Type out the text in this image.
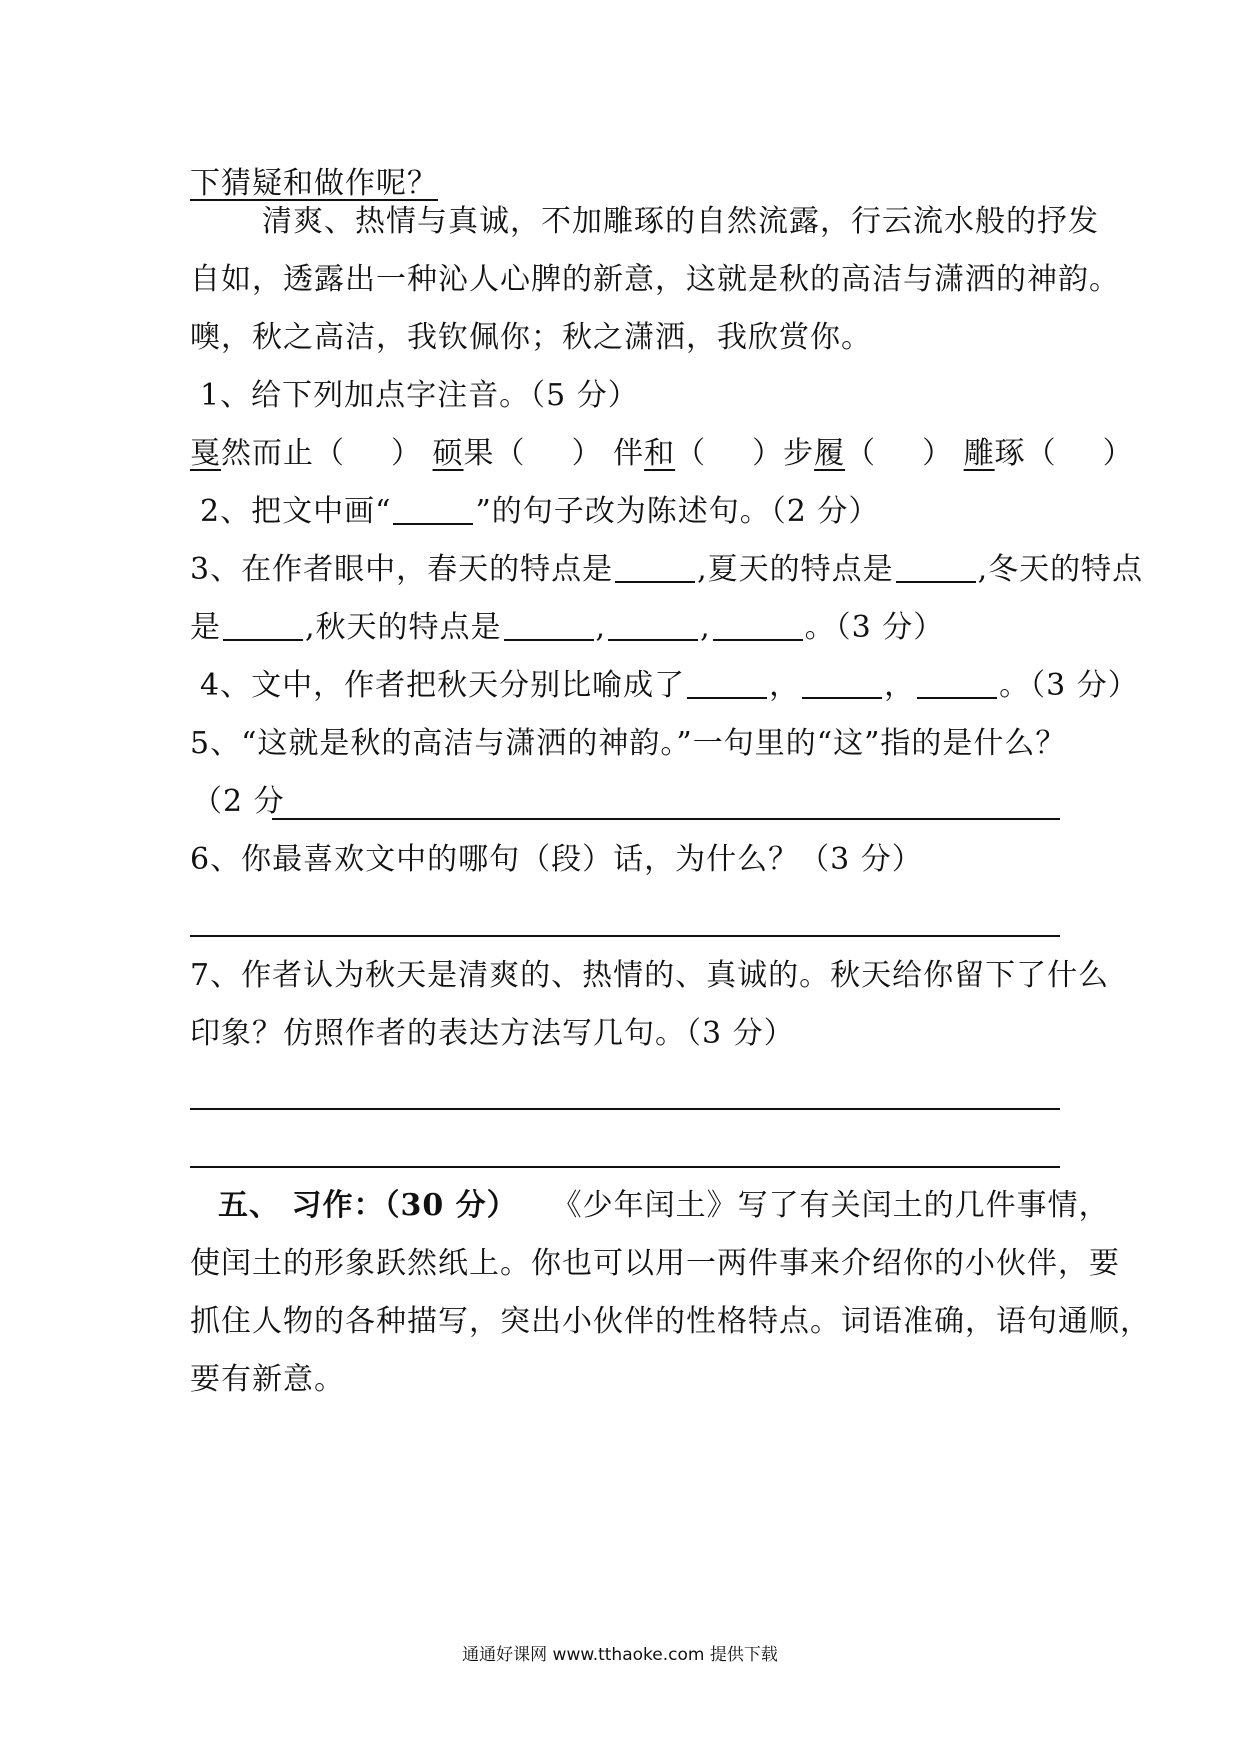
下猜疑和做作呢？
清爽、热情与真诚，不加雕琢的自然流露，行云流水般的抒发
自如，透露出一种沁人心脾的新意，这就是秋的高洁与潇洒的神韵。
噢，秋之高洁，我钦佩你；秋之潇洒，我欣赏你。
1、给下列加点字注音。（5 分）
戛然而止（ ） 硕果（ ） 伴和（ ）步履（ ） 雕琢（ ）
2、把文中画“	”的句子改为陈述句。（2 分）
3、在作者眼中，春天的特点是	,夏天的特点是	,冬天的特点
是	,秋天的特点是	,	,	。（3 分）
4、文中，作者把秋天分别比喻成了	，	，	。（3 分）
5、“这就是秋的高洁与潇洒的神韵。”一句里的“这”指的是什么？
（2 分
6、你最喜欢文中的哪句（段）话，为什么？（3 分）
7、作者认为秋天是清爽的、热情的、真诚的。秋天给你留下了什么
印象？仿照作者的表达方法写几句。（3 分）
五、 习作：（30 分） 《少年闰土》写了有关闰土的几件事情，
使闰土的形象跃然纸上。你也可以用一两件事来介绍你的小伙伴，要
抓住人物的各种描写，突出小伙伴的性格特点。词语准确，语句通顺，
要有新意。
通通好课网 www.tthaoke.com 提供下载
